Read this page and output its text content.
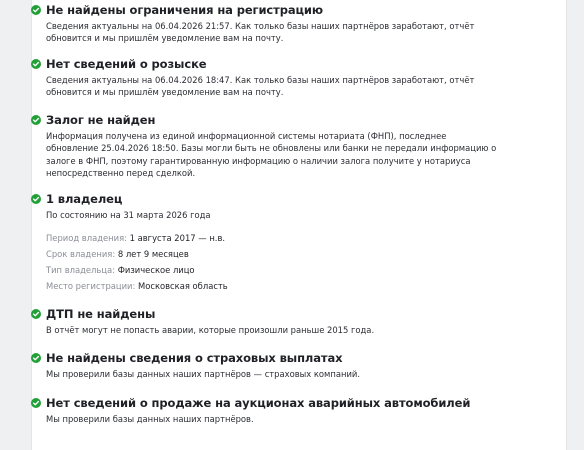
Не найдены ограничения на регистрацию
Сведения актуальны на 06.04.2026 21:57. Как только базы наших партнёров заработают, отчёт
обновится и мы пришлём уведомление вам на почту.
Нет сведений о розыске
Сведения актуальны на 06.04.2026 18:47. Как только базы наших партнёров заработают, отчёт
обновится и мы пришлём уведомление вам на почту.
Залог не найден
Информация получена из единой информационной системы нотариата (ФНП), последнее
обновление 25.04.2026 18:50. Базы могли быть не обновлены или банки не передали информацию о
залоге в ФНП, поэтому гарантированную информацию о наличии залога получите у нотариуса
непосредственно перед сделкой.
1 владелец
По состоянию на 31 марта 2026 года
Период владения: 1 августа 2017 — н.в.
Срок владения: 8 лет 9 месяцев
Тип владельца: Физическое лицо
Место регистрации: Московская область
ДТП не найдены
В отчёт могут не попасть аварии, которые произошли раньше 2015 года.
Не найдены сведения о страховых выплатах
Мы проверили базы данных наших партнёров — страховых компаний.
Нет сведений о продаже на аукционах аварийных автомобилей
Мы проверили базы данных наших партнёров.
